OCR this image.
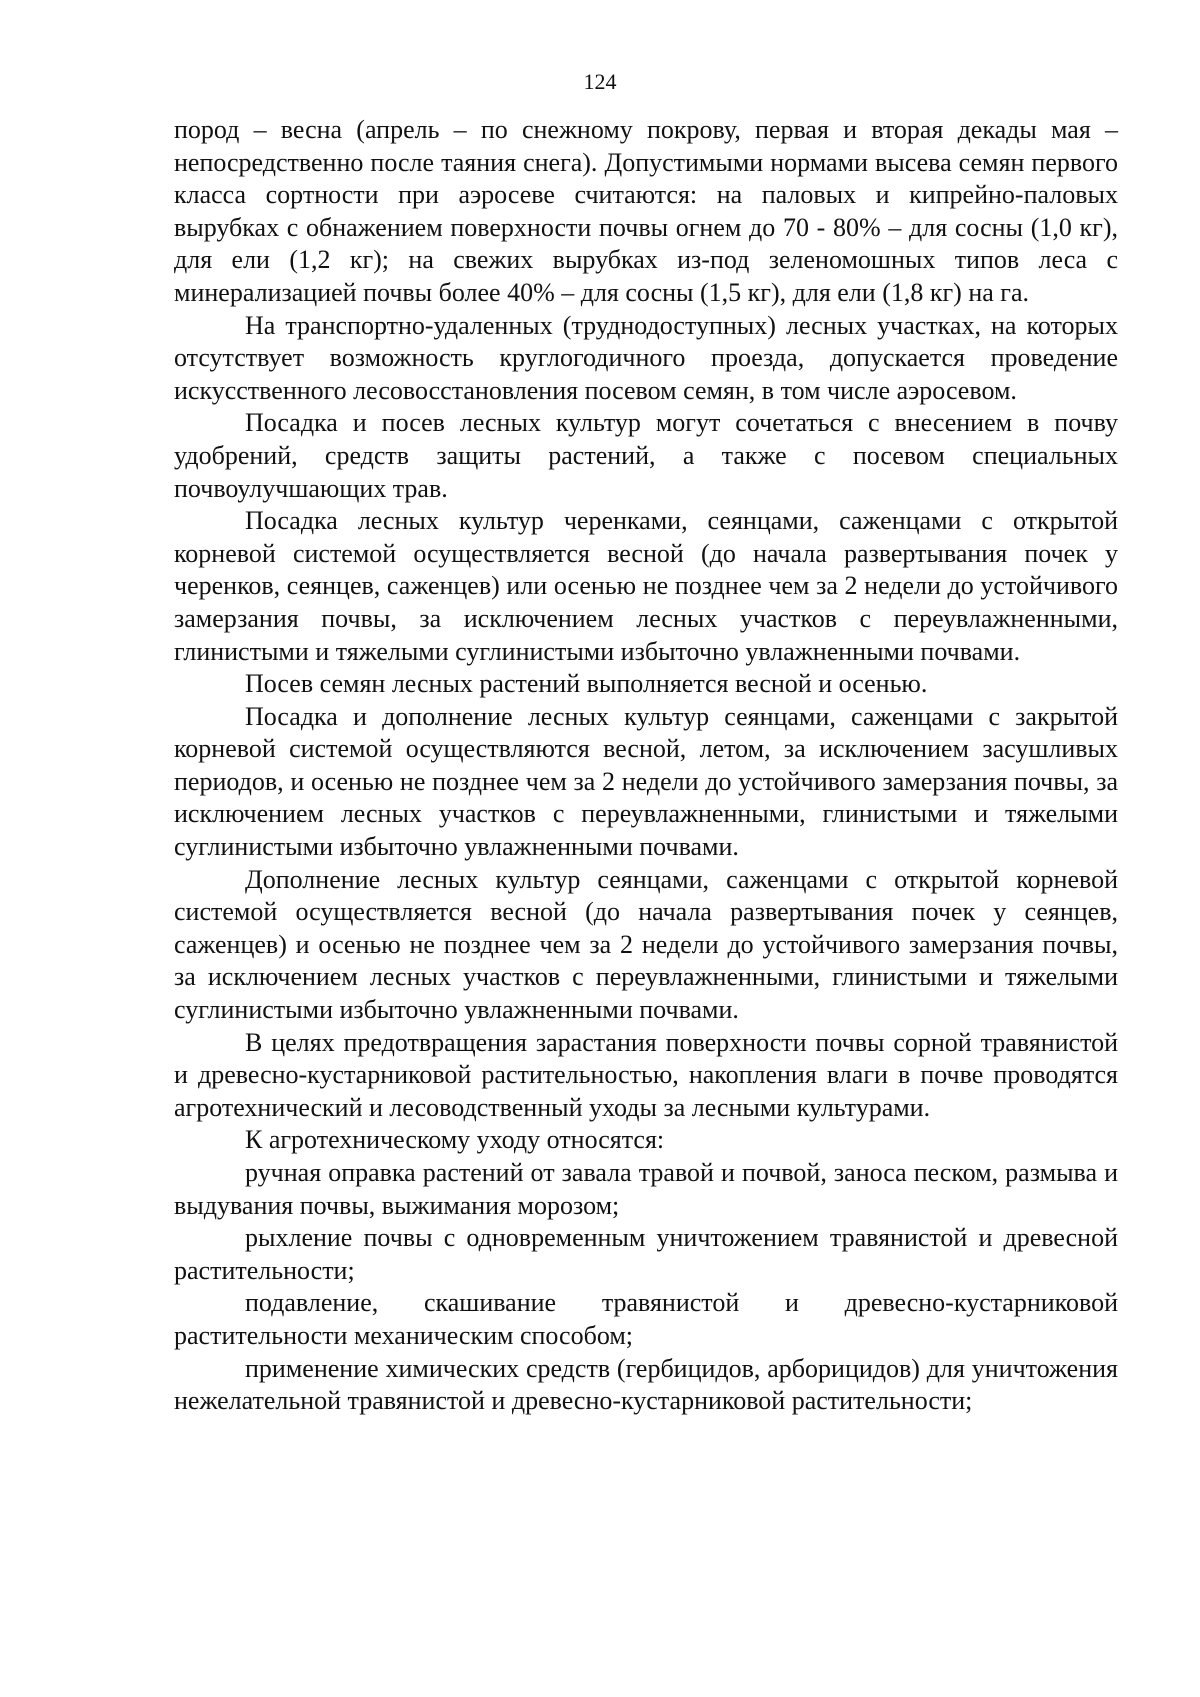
124

пород – весна (апрель – по снежному покрову, первая и вторая декады мая – непосредственно после таяния снега). Допустимыми нормами высева семян первого класса сортности при аэросеве считаются: на паловых и кипрейно-паловых вырубках с обнажением поверхности почвы огнем до 70 - 80% – для сосны (1,0 кг), для ели (1,2 кг); на свежих вырубках из-под зеленомошных типов леса с минерализацией почвы более 40% – для сосны (1,5 кг), для ели (1,8 кг) на га.

На транспортно-удаленных (труднодоступных) лесных участках, на которых отсутствует возможность круглогодичного проезда, допускается проведение искусственного лесовосстановления посевом семян, в том числе аэросевом.

Посадка и посев лесных культур могут сочетаться с внесением в почву удобрений, средств защиты растений, а также с посевом специальных почвоулучшающих трав.

Посадка лесных культур черенками, сеянцами, саженцами с открытой корневой системой осуществляется весной (до начала развертывания почек у черенков, сеянцев, саженцев) или осенью не позднее чем за 2 недели до устойчивого замерзания почвы, за исключением лесных участков с переувлажненными, глинистыми и тяжелыми суглинистыми избыточно увлажненными почвами.

Посев семян лесных растений выполняется весной и осенью.

Посадка и дополнение лесных культур сеянцами, саженцами с закрытой корневой системой осуществляются весной, летом, за исключением засушливых периодов, и осенью не позднее чем за 2 недели до устойчивого замерзания почвы, за исключением лесных участков с переувлажненными, глинистыми и тяжелыми суглинистыми избыточно увлажненными почвами.

Дополнение лесных культур сеянцами, саженцами с открытой корневой системой осуществляется весной (до начала развертывания почек у сеянцев, саженцев) и осенью не позднее чем за 2 недели до устойчивого замерзания почвы, за исключением лесных участков с переувлажненными, глинистыми и тяжелыми суглинистыми избыточно увлажненными почвами.

В целях предотвращения зарастания поверхности почвы сорной травянистой и древесно-кустарниковой растительностью, накопления влаги в почве проводятся агротехнический и лесоводственный уходы за лесными культурами.

К агротехническому уходу относятся:

ручная оправка растений от завала травой и почвой, заноса песком, размыва и выдувания почвы, выжимания морозом;

рыхление почвы с одновременным уничтожением травянистой и древесной растительности;

подавление, скашивание травянистой и древесно-кустарниковой растительности механическим способом;

применение химических средств (гербицидов, арборицидов) для уничтожения нежелательной травянистой и древесно-кустарниковой растительности;
